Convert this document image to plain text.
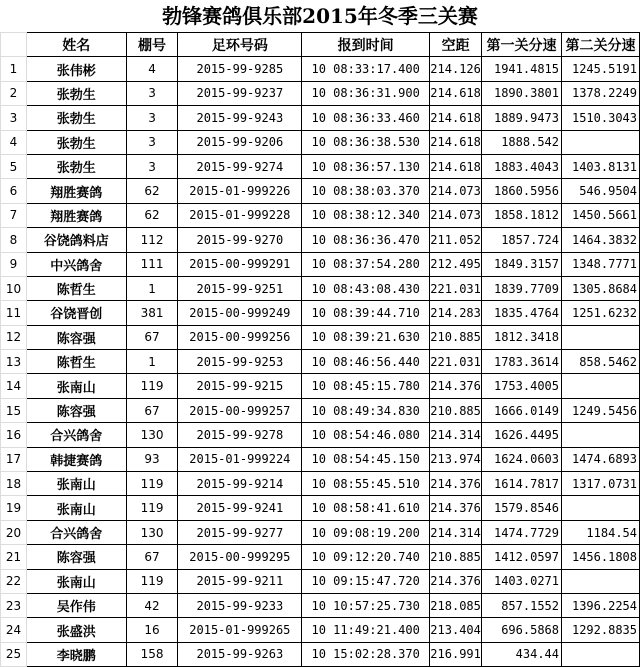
勃锋赛鸽俱乐部2015年冬季三关赛
	姓名	棚号	足环号码	报到时间	空距	第一关分速	第二关分速
1	张伟彬	4	2015-99-9285	10 08:33:17.400	214.126	1941.4815	1245.5191
2	张勃生	3	2015-99-9237	10 08:36:31.900	214.618	1890.3801	1378.2249
3	张勃生	3	2015-99-9243	10 08:36:33.460	214.618	1889.9473	1510.3043
4	张勃生	3	2015-99-9206	10 08:36:38.530	214.618	1888.542	
5	张勃生	3	2015-99-9274	10 08:36:57.130	214.618	1883.4043	1403.8131
6	翔胜赛鸽	62	2015-01-999226	10 08:38:03.370	214.073	1860.5956	546.9504
7	翔胜赛鸽	62	2015-01-999228	10 08:38:12.340	214.073	1858.1812	1450.5661
8	谷饶鸽料店	112	2015-99-9270	10 08:36:36.470	211.052	1857.724	1464.3832
9	中兴鸽舍	111	2015-00-999291	10 08:37:54.280	212.495	1849.3157	1348.7771
10	陈哲生	1	2015-99-9251	10 08:43:08.430	221.031	1839.7709	1305.8684
11	谷饶晋创	381	2015-00-999249	10 08:39:44.710	214.283	1835.4764	1251.6232
12	陈容强	67	2015-00-999256	10 08:39:21.630	210.885	1812.3418	
13	陈哲生	1	2015-99-9253	10 08:46:56.440	221.031	1783.3614	858.5462
14	张南山	119	2015-99-9215	10 08:45:15.780	214.376	1753.4005	
15	陈容强	67	2015-00-999257	10 08:49:34.830	210.885	1666.0149	1249.5456
16	合兴鸽舍	130	2015-99-9278	10 08:54:46.080	214.314	1626.4495	
17	韩捷赛鸽	93	2015-01-999224	10 08:54:45.150	213.974	1624.0603	1474.6893
18	张南山	119	2015-99-9214	10 08:55:45.510	214.376	1614.7817	1317.0731
19	张南山	119	2015-99-9241	10 08:58:41.610	214.376	1579.8546	
20	合兴鸽舍	130	2015-99-9277	10 09:08:19.200	214.314	1474.7729	1184.54
21	陈容强	67	2015-00-999295	10 09:12:20.740	210.885	1412.0597	1456.1808
22	张南山	119	2015-99-9211	10 09:15:47.720	214.376	1403.0271	
23	吴作伟	42	2015-99-9233	10 10:57:25.730	218.085	857.1552	1396.2254
24	张盛洪	16	2015-01-999265	10 11:49:21.400	213.404	696.5868	1292.8835
25	李晓鹏	158	2015-99-9263	10 15:02:28.370	216.991	434.44	
